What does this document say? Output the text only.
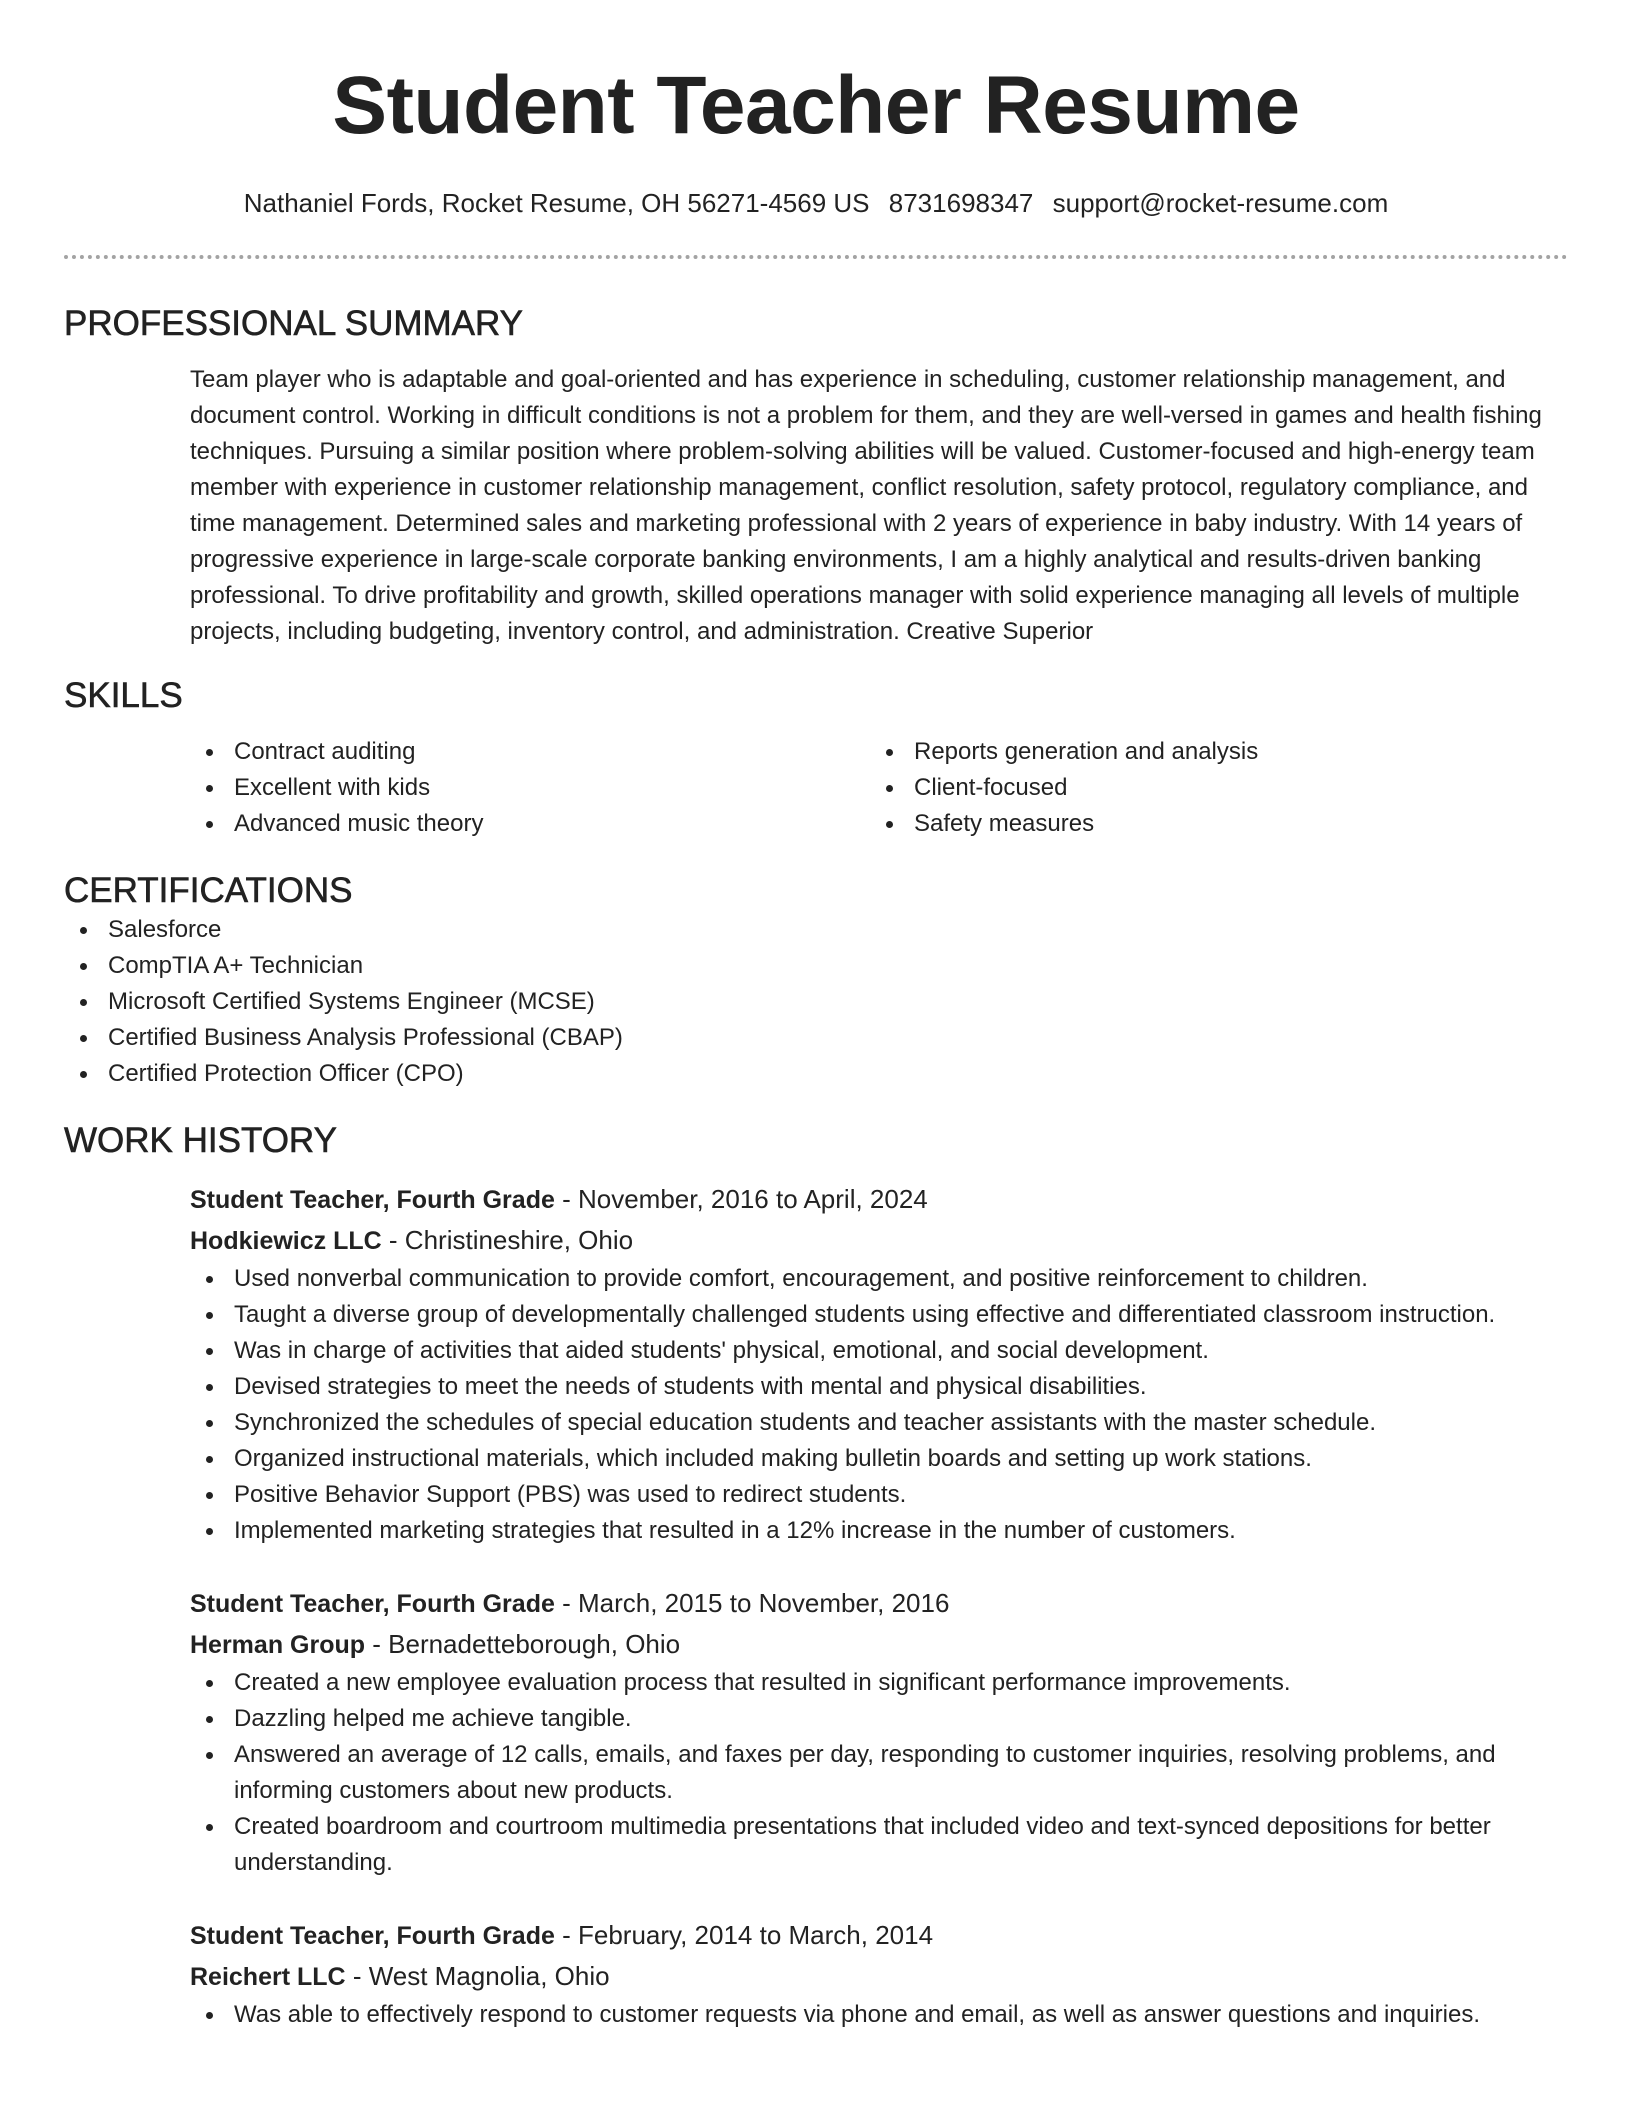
Student Teacher Resume
Nathaniel Fords, Rocket Resume, OH 56271-4569 US 8731698347 support@rocket-resume.com
PROFESSIONAL SUMMARY
Team player who is adaptable and goal-oriented and has experience in scheduling, customer relationship management, and document control. Working in difficult conditions is not a problem for them, and they are well-versed in games and health fishing techniques. Pursuing a similar position where problem-solving abilities will be valued. Customer-focused and high-energy team member with experience in customer relationship management, conflict resolution, safety protocol, regulatory compliance, and time management. Determined sales and marketing professional with 2 years of experience in baby industry. With 14 years of progressive experience in large-scale corporate banking environments, I am a highly analytical and results-driven banking professional. To drive profitability and growth, skilled operations manager with solid experience managing all levels of multiple projects, including budgeting, inventory control, and administration. Creative Superior
SKILLS
Contract auditing
Excellent with kids
Advanced music theory
Reports generation and analysis
Client-focused
Safety measures
CERTIFICATIONS
Salesforce
CompTIA A+ Technician
Microsoft Certified Systems Engineer (MCSE)
Certified Business Analysis Professional (CBAP)
Certified Protection Officer (CPO)
WORK HISTORY
Student Teacher, Fourth Grade - November, 2016 to April, 2024
Hodkiewicz LLC - Christineshire, Ohio
Used nonverbal communication to provide comfort, encouragement, and positive reinforcement to children.
Taught a diverse group of developmentally challenged students using effective and differentiated classroom instruction.
Was in charge of activities that aided students' physical, emotional, and social development.
Devised strategies to meet the needs of students with mental and physical disabilities.
Synchronized the schedules of special education students and teacher assistants with the master schedule.
Organized instructional materials, which included making bulletin boards and setting up work stations.
Positive Behavior Support (PBS) was used to redirect students.
Implemented marketing strategies that resulted in a 12% increase in the number of customers.
Student Teacher, Fourth Grade - March, 2015 to November, 2016
Herman Group - Bernadetteborough, Ohio
Created a new employee evaluation process that resulted in significant performance improvements.
Dazzling helped me achieve tangible.
Answered an average of 12 calls, emails, and faxes per day, responding to customer inquiries, resolving problems, and informing customers about new products.
Created boardroom and courtroom multimedia presentations that included video and text-synced depositions for better understanding.
Student Teacher, Fourth Grade - February, 2014 to March, 2014
Reichert LLC - West Magnolia, Ohio
Was able to effectively respond to customer requests via phone and email, as well as answer questions and inquiries.
